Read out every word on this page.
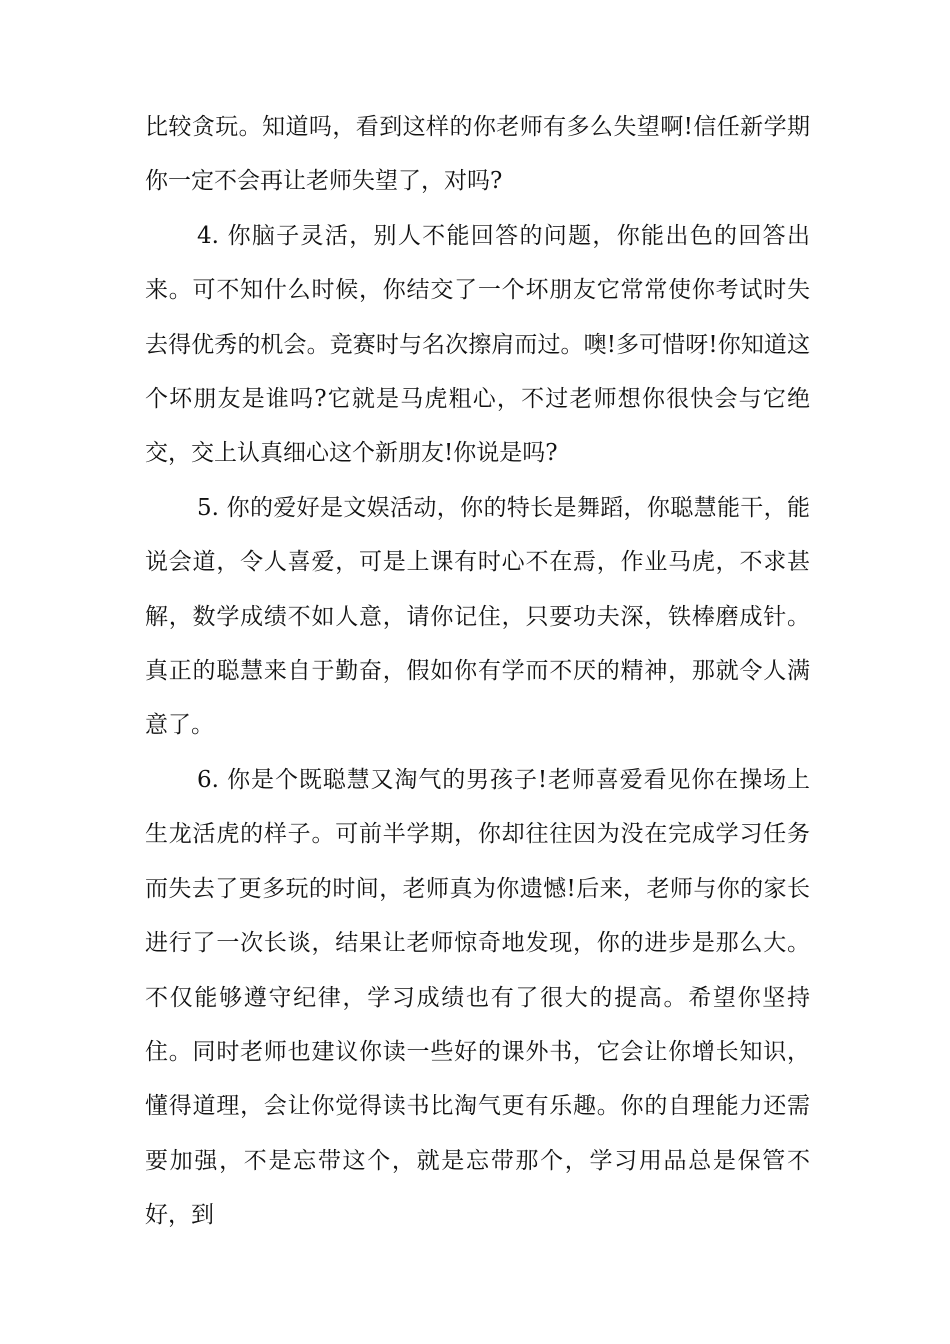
比较贪玩。知道吗，看到这样的你老师有多么失望啊!信任新学期你一定不会再让老师失望了，对吗?

4. 你脑子灵活，别人不能回答的问题，你能出色的回答出来。可不知什么时候，你结交了一个坏朋友它常常使你考试时失去得优秀的机会。竞赛时与名次擦肩而过。噢!多可惜呀!你知道这个坏朋友是谁吗?它就是马虎粗心，不过老师想你很快会与它绝交，交上认真细心这个新朋友!你说是吗?

5. 你的爱好是文娱活动，你的特长是舞蹈，你聪慧能干，能说会道，令人喜爱，可是上课有时心不在焉，作业马虎，不求甚解，数学成绩不如人意，请你记住，只要功夫深，铁棒磨成针。真正的聪慧来自于勤奋，假如你有学而不厌的精神，那就令人满意了。

6. 你是个既聪慧又淘气的男孩子!老师喜爱看见你在操场上生龙活虎的样子。可前半学期，你却往往因为没在完成学习任务而失去了更多玩的时间，老师真为你遗憾!后来，老师与你的家长进行了一次长谈，结果让老师惊奇地发现，你的进步是那么大。不仅能够遵守纪律，学习成绩也有了很大的提高。希望你坚持住。同时老师也建议你读一些好的课外书，它会让你增长知识，懂得道理，会让你觉得读书比淘气更有乐趣。你的自理能力还需要加强，不是忘带这个，就是忘带那个，学习用品总是保管不好，到
